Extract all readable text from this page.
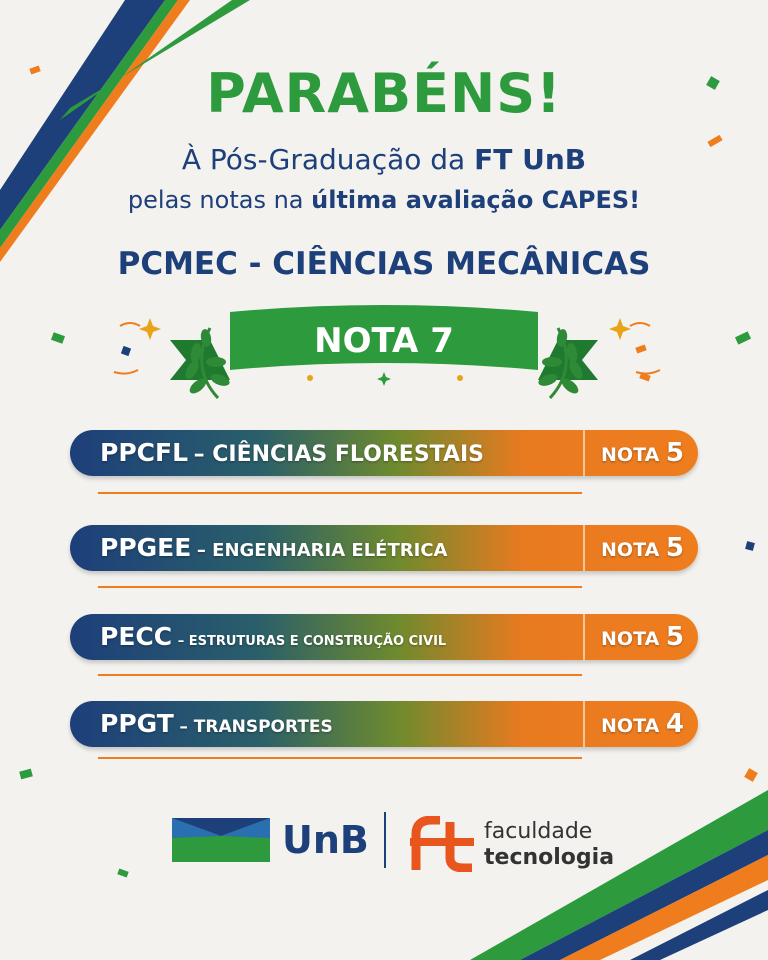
PARABÉNS!

À Pós-Graduação da FT UnB

pelas notas na última avaliação CAPES!

PCMEC - CIÊNCIAS MECÂNICAS
NOTA 7
PPCFL – CIÊNCIAS FLORESTAIS	NOTA 5
PPGEE – ENGENHARIA ELÉTRICA	NOTA 5
PECC – ESTRUTURAS E CONSTRUÇÃO CIVIL	NOTA 5
PPGT – TRANSPORTES	NOTA 4
UnB	faculdade
tecnologia
